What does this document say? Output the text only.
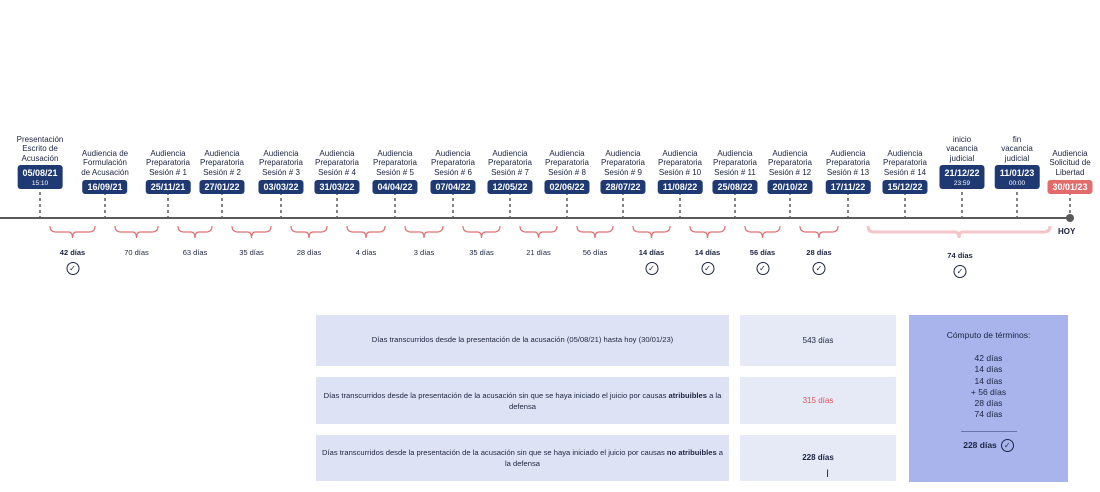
Presentación
Escrito de
Acusación
05/08/21
15:10
Audiencia de
Formulación
de Acusación
16/09/21
Audiencia
Preparatoria
Sesión # 1
25/11/21
Audiencia
Preparatoria
Sesión # 2
27/01/22
Audiencia
Preparatoria
Sesión # 3
03/03/22
Audiencia
Preparatoria
Sesión # 4
31/03/22
Audiencia
Preparatoria
Sesión # 5
04/04/22
Audiencia
Preparatoria
Sesión # 6
07/04/22
Audiencia
Preparatoria
Sesión # 7
12/05/22
Audiencia
Preparatoria
Sesión # 8
02/06/22
Audiencia
Preparatoria
Sesión # 9
28/07/22
Audiencia
Preparatoria
Sesión # 10
11/08/22
Audiencia
Preparatoria
Sesión # 11
25/08/22
Audiencia
Preparatoria
Sesión # 12
20/10/22
Audiencia
Preparatoria
Sesión # 13
17/11/22
Audiencia
Preparatoria
Sesión # 14
15/12/22
inicio
vacancia
judicial
21/12/22
23:59
fin
vacancia
judicial
11/01/23
00:00
Audiencia
Solicitud de
Libertad
30/01/23
42 días
✓
70 días	63 días	35 días	28 días	4 días	3 días	35 días	21 días	56 días	14 días
✓
14 días
✓
56 días
✓
28 días
✓
74 días
✓
HOY
Días transcurridos desde la presentación de la acusación (05/08/21) hasta hoy (30/01/23)	543 días
Días transcurridos desde la presentación de la acusación sin que se haya iniciado el juicio por causas atribuibles a la defensa
315 días
Días transcurridos desde la presentación de la acusación sin que se haya iniciado el juicio por causas no atribuibles a la defensa
228 días
Cómputo de términos:
42 días
14 días
14 días
+ 56 días
28 días
74 días
228 días ✓
I
